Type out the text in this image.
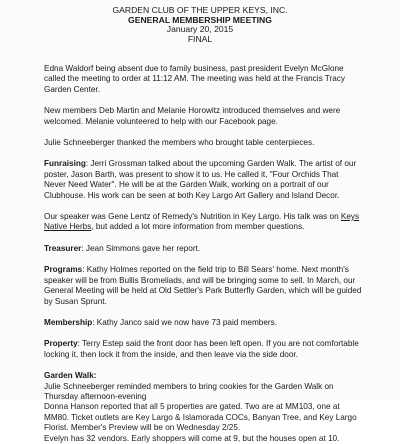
GARDEN CLUB OF THE UPPER KEYS, INC.
GENERAL MEMBERSHIP MEETING
January 20, 2015
FINAL

Edna Waldorf being absent due to family business, past president Evelyn McGlone called the meeting to order at 11:12 AM. The meeting was held at the Francis Tracy Garden Center.

New members Deb Martin and Melanie Horowitz introduced themselves and were welcomed. Melanie volunteered to help with our Facebook page.

Julie Schneeberger thanked the members who brought table centerpieces.

Funraising: Jerri Grossman talked about the upcoming Garden Walk. The artist of our poster, Jason Barth, was present to show it to us. He called it, "Four Orchids That Never Need Water". He will be at the Garden Walk, working on a portrait of our Clubhouse. His work can be seen at both Key Largo Art Gallery and Island Decor.

Our speaker was Gene Lentz of Remedy's Nutrition in Key Largo. His talk was on Keys Native Herbs, but added a lot more information from member questions.

Treasurer: Jean Simmons gave her report.

Programs: Kathy Holmes reported on the field trip to Bill Sears' home. Next month's speaker will be from Bullis Bromeliads, and will be bringing some to sell. In March, our General Meeting will be held at Old Settler's Park Butterfly Garden, which will be guided by Susan Sprunt.

Membership: Kathy Janco said we now have 73 paid members.

Property: Terry Estep said the front door has been left open. If you are not comfortable locking it, then lock it from the inside, and then leave via the side door.

Garden Walk:

Julie Schneeberger reminded members to bring cookies for the Garden Walk on

Thursday afternoon-evening

Donna Hanson reported that all 5 properties are gated. Two are at MM103, one at

MM80. Ticket outlets are Key Largo & Islamorada COCs, Banyan Tree, and Key Largo

Florist. Member's Preview will be on Wednesday 2/25.

Evelyn has 32 vendors. Early shoppers will come at 9, but the houses open at 10.
